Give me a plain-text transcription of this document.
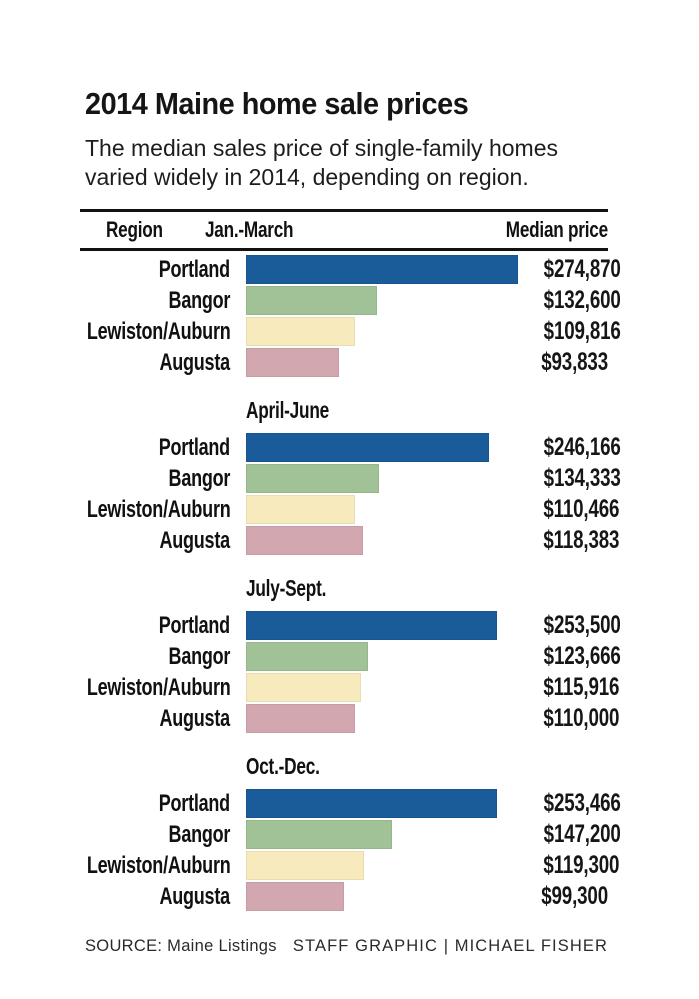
2014 Maine home sale prices

The median sales price of single-family homes
varied widely in 2014, depending on region.

Region Jan.-March	Median price
Portland	$274,870
Bangor	$132,600
Lewiston/Auburn	$109,816
Augusta	$93,833
April-June
Portland	$246,166
Bangor	$134,333
Lewiston/Auburn	$110,466
Augusta	$118,383
July-Sept.
Portland	$253,500
Bangor	$123,666
Lewiston/Auburn	$115,916
Augusta	$110,000
Oct.-Dec.
Portland	$253,466
Bangor	$147,200
Lewiston/Auburn	$119,300
Augusta	$99,300
SOURCE: Maine Listings STAFF GRAPHIC | MICHAEL FISHER
